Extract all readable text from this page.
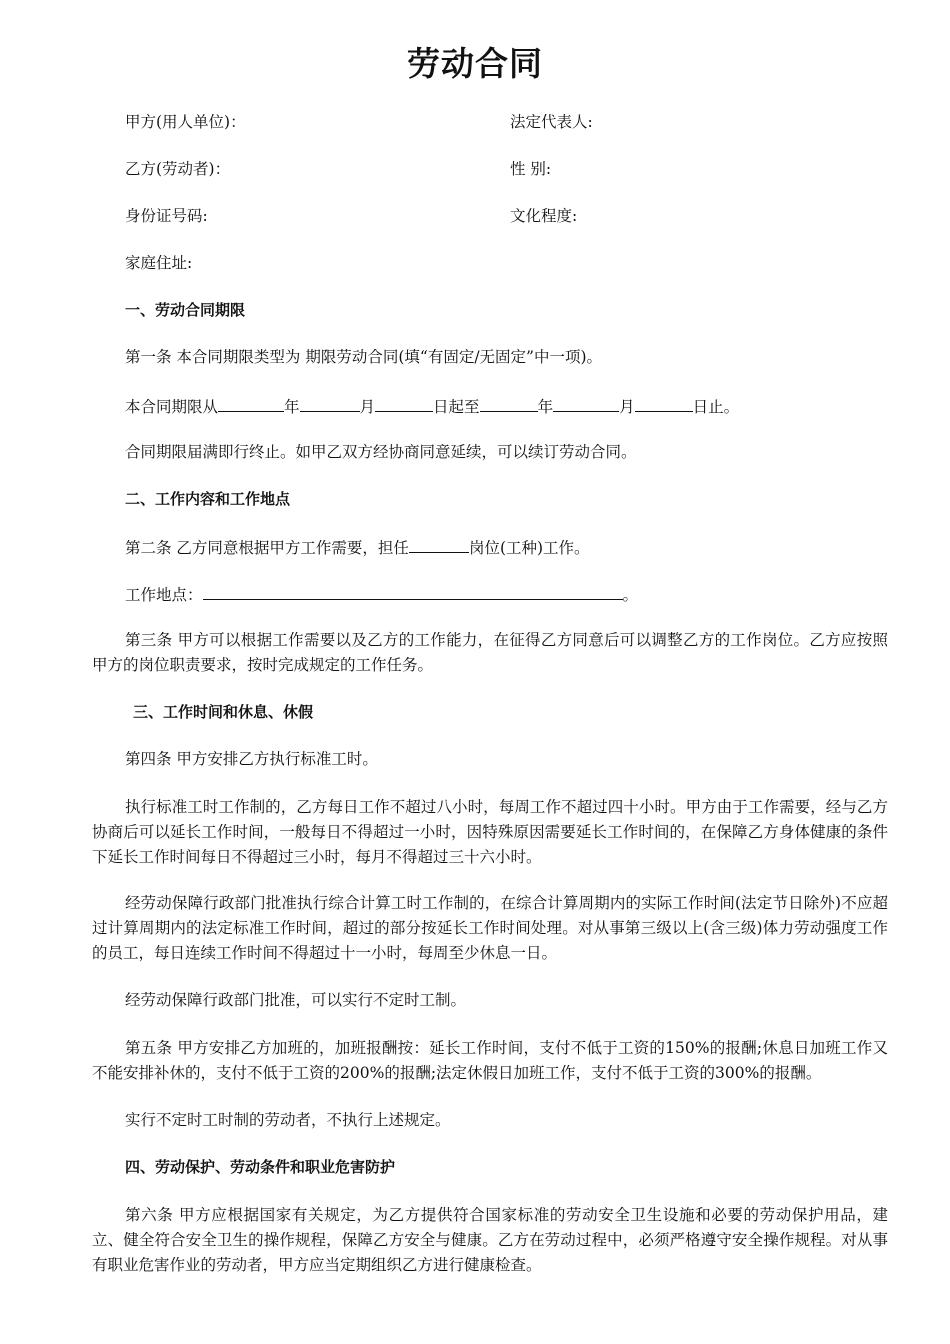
劳动合同
甲方(用人单位)：	法定代表人:
乙方(劳动者)：	性 别:
身份证号码:	文化程度:
家庭住址:
一、劳动合同期限
第一条 本合同期限类型为 期限劳动合同(填“有固定/无固定”中一项)。
本合同期限从	年	月	日起至	年	月	日止。
合同期限届满即行终止。如甲乙双方经协商同意延续，可以续订劳动合同。
二、工作内容和工作地点
第二条 乙方同意根据甲方工作需要，担任	岗位(工种)工作。
工作地点：	。
第三条 甲方可以根据工作需要以及乙方的工作能力，在征得乙方同意后可以调整乙方的工作岗位。乙方应按照甲方的岗位职责要求，按时完成规定的工作任务。
三、工作时间和休息、休假
第四条 甲方安排乙方执行标准工时。
执行标准工时工作制的，乙方每日工作不超过八小时，每周工作不超过四十小时。甲方由于工作需要，经与乙方协商后可以延长工作时间，一般每日不得超过一小时，因特殊原因需要延长工作时间的，在保障乙方身体健康的条件下延长工作时间每日不得超过三小时，每月不得超过三十六小时。
经劳动保障行政部门批准执行综合计算工时工作制的，在综合计算周期内的实际工作时间(法定节日除外)不应超过计算周期内的法定标准工作时间，超过的部分按延长工作时间处理。对从事第三级以上(含三级)体力劳动强度工作的员工，每日连续工作时间不得超过十一小时，每周至少休息一日。
经劳动保障行政部门批准，可以实行不定时工制。
第五条 甲方安排乙方加班的，加班报酬按：延长工作时间，支付不低于工资的150%的报酬;休息日加班工作又不能安排补休的，支付不低于工资的200%的报酬;法定休假日加班工作，支付不低于工资的300%的报酬。
实行不定时工时制的劳动者，不执行上述规定。
四、劳动保护、劳动条件和职业危害防护
第六条 甲方应根据国家有关规定，为乙方提供符合国家标准的劳动安全卫生设施和必要的劳动保护用品，建立、健全符合安全卫生的操作规程，保障乙方安全与健康。乙方在劳动过程中，必须严格遵守安全操作规程。对从事有职业危害作业的劳动者，甲方应当定期组织乙方进行健康检查。
